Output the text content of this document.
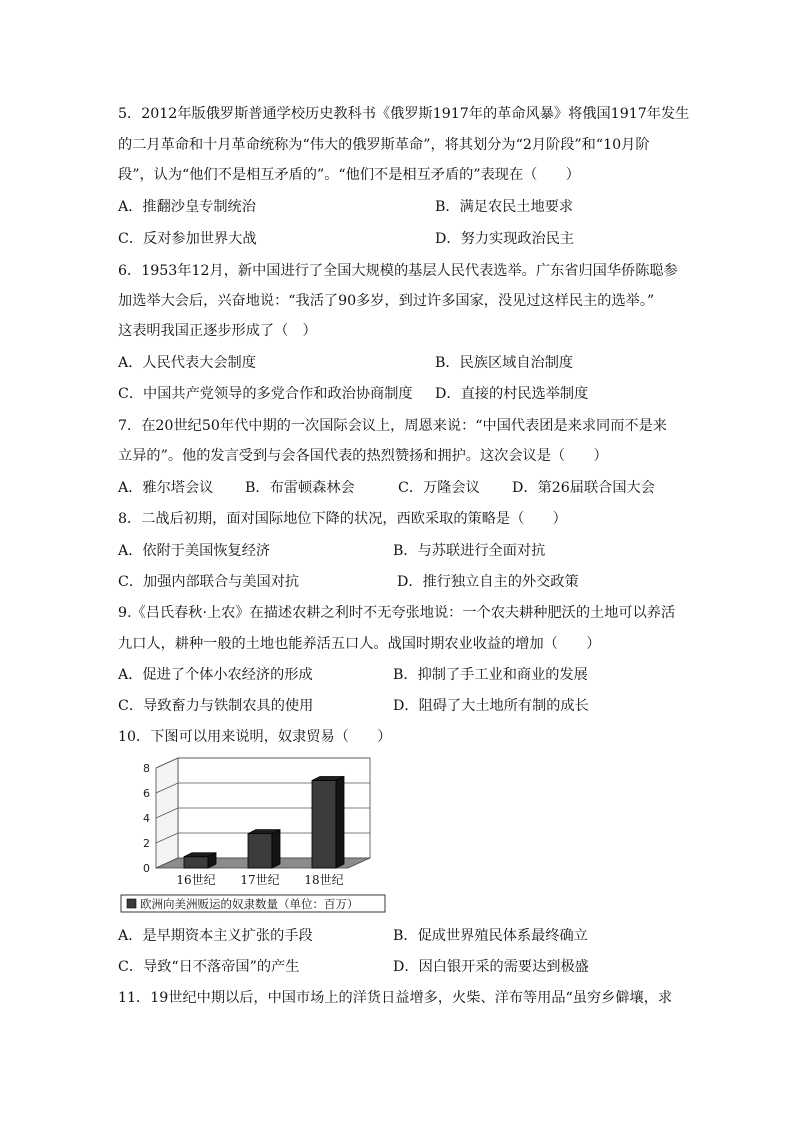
5．2012年版俄罗斯普通学校历史教科书《俄罗斯1917年的革命风暴》将俄国1917年发生
的二月革命和十月革命统称为“伟大的俄罗斯革命”，将其划分为“2月阶段”和“10月阶
段”，认为“他们不是相互矛盾的”。“他们不是相互矛盾的”表现在（　　）
A．推翻沙皇专制统治	B．满足农民土地要求
C．反对参加世界大战	D．努力实现政治民主
6．1953年12月，新中国进行了全国大规模的基层人民代表选举。广东省归国华侨陈聪参
加选举大会后，兴奋地说：“我活了90多岁，到过许多国家，没见过这样民主的选举。”
这表明我国正逐步形成了（　）
A．人民代表大会制度	B．民族区域自治制度
C．中国共产党领导的多党合作和政治协商制度 D．直接的村民选举制度
7．在20世纪50年代中期的一次国际会议上，周恩来说：“中国代表团是来求同而不是来
立异的”。他的发言受到与会各国代表的热烈赞扬和拥护。这次会议是（　　）
A．雅尔塔会议 B．布雷顿森林会	C．万隆会议 D．第26届联合国大会
8．二战后初期，面对国际地位下降的状况，西欧采取的策略是（　　）
A．依附于美国恢复经济	B．与苏联进行全面对抗
C．加强内部联合与美国对抗	D．推行独立自主的外交政策
9.《吕氏春秋·上农》在描述农耕之利时不无夸张地说：一个农夫耕种肥沃的土地可以养活
九口人，耕种一般的土地也能养活五口人。战国时期农业收益的增加（　　）
A．促进了个体小农经济的形成	B．抑制了手工业和商业的发展
C．导致畜力与铁制农具的使用	D．阻碍了大土地所有制的成长
10．下图可以用来说明，奴隶贸易（　　）
0
2
4
6
8
16世纪 17世纪 18世纪
欧洲向美洲贩运的奴隶数量（单位：百万）
A．是早期资本主义扩张的手段	B．促成世界殖民体系最终确立
C．导致“日不落帝国”的产生	D．因白银开采的需要达到极盛
11．19世纪中期以后，中国市场上的洋货日益增多，火柴、洋布等用品“虽穷乡僻壤，求
